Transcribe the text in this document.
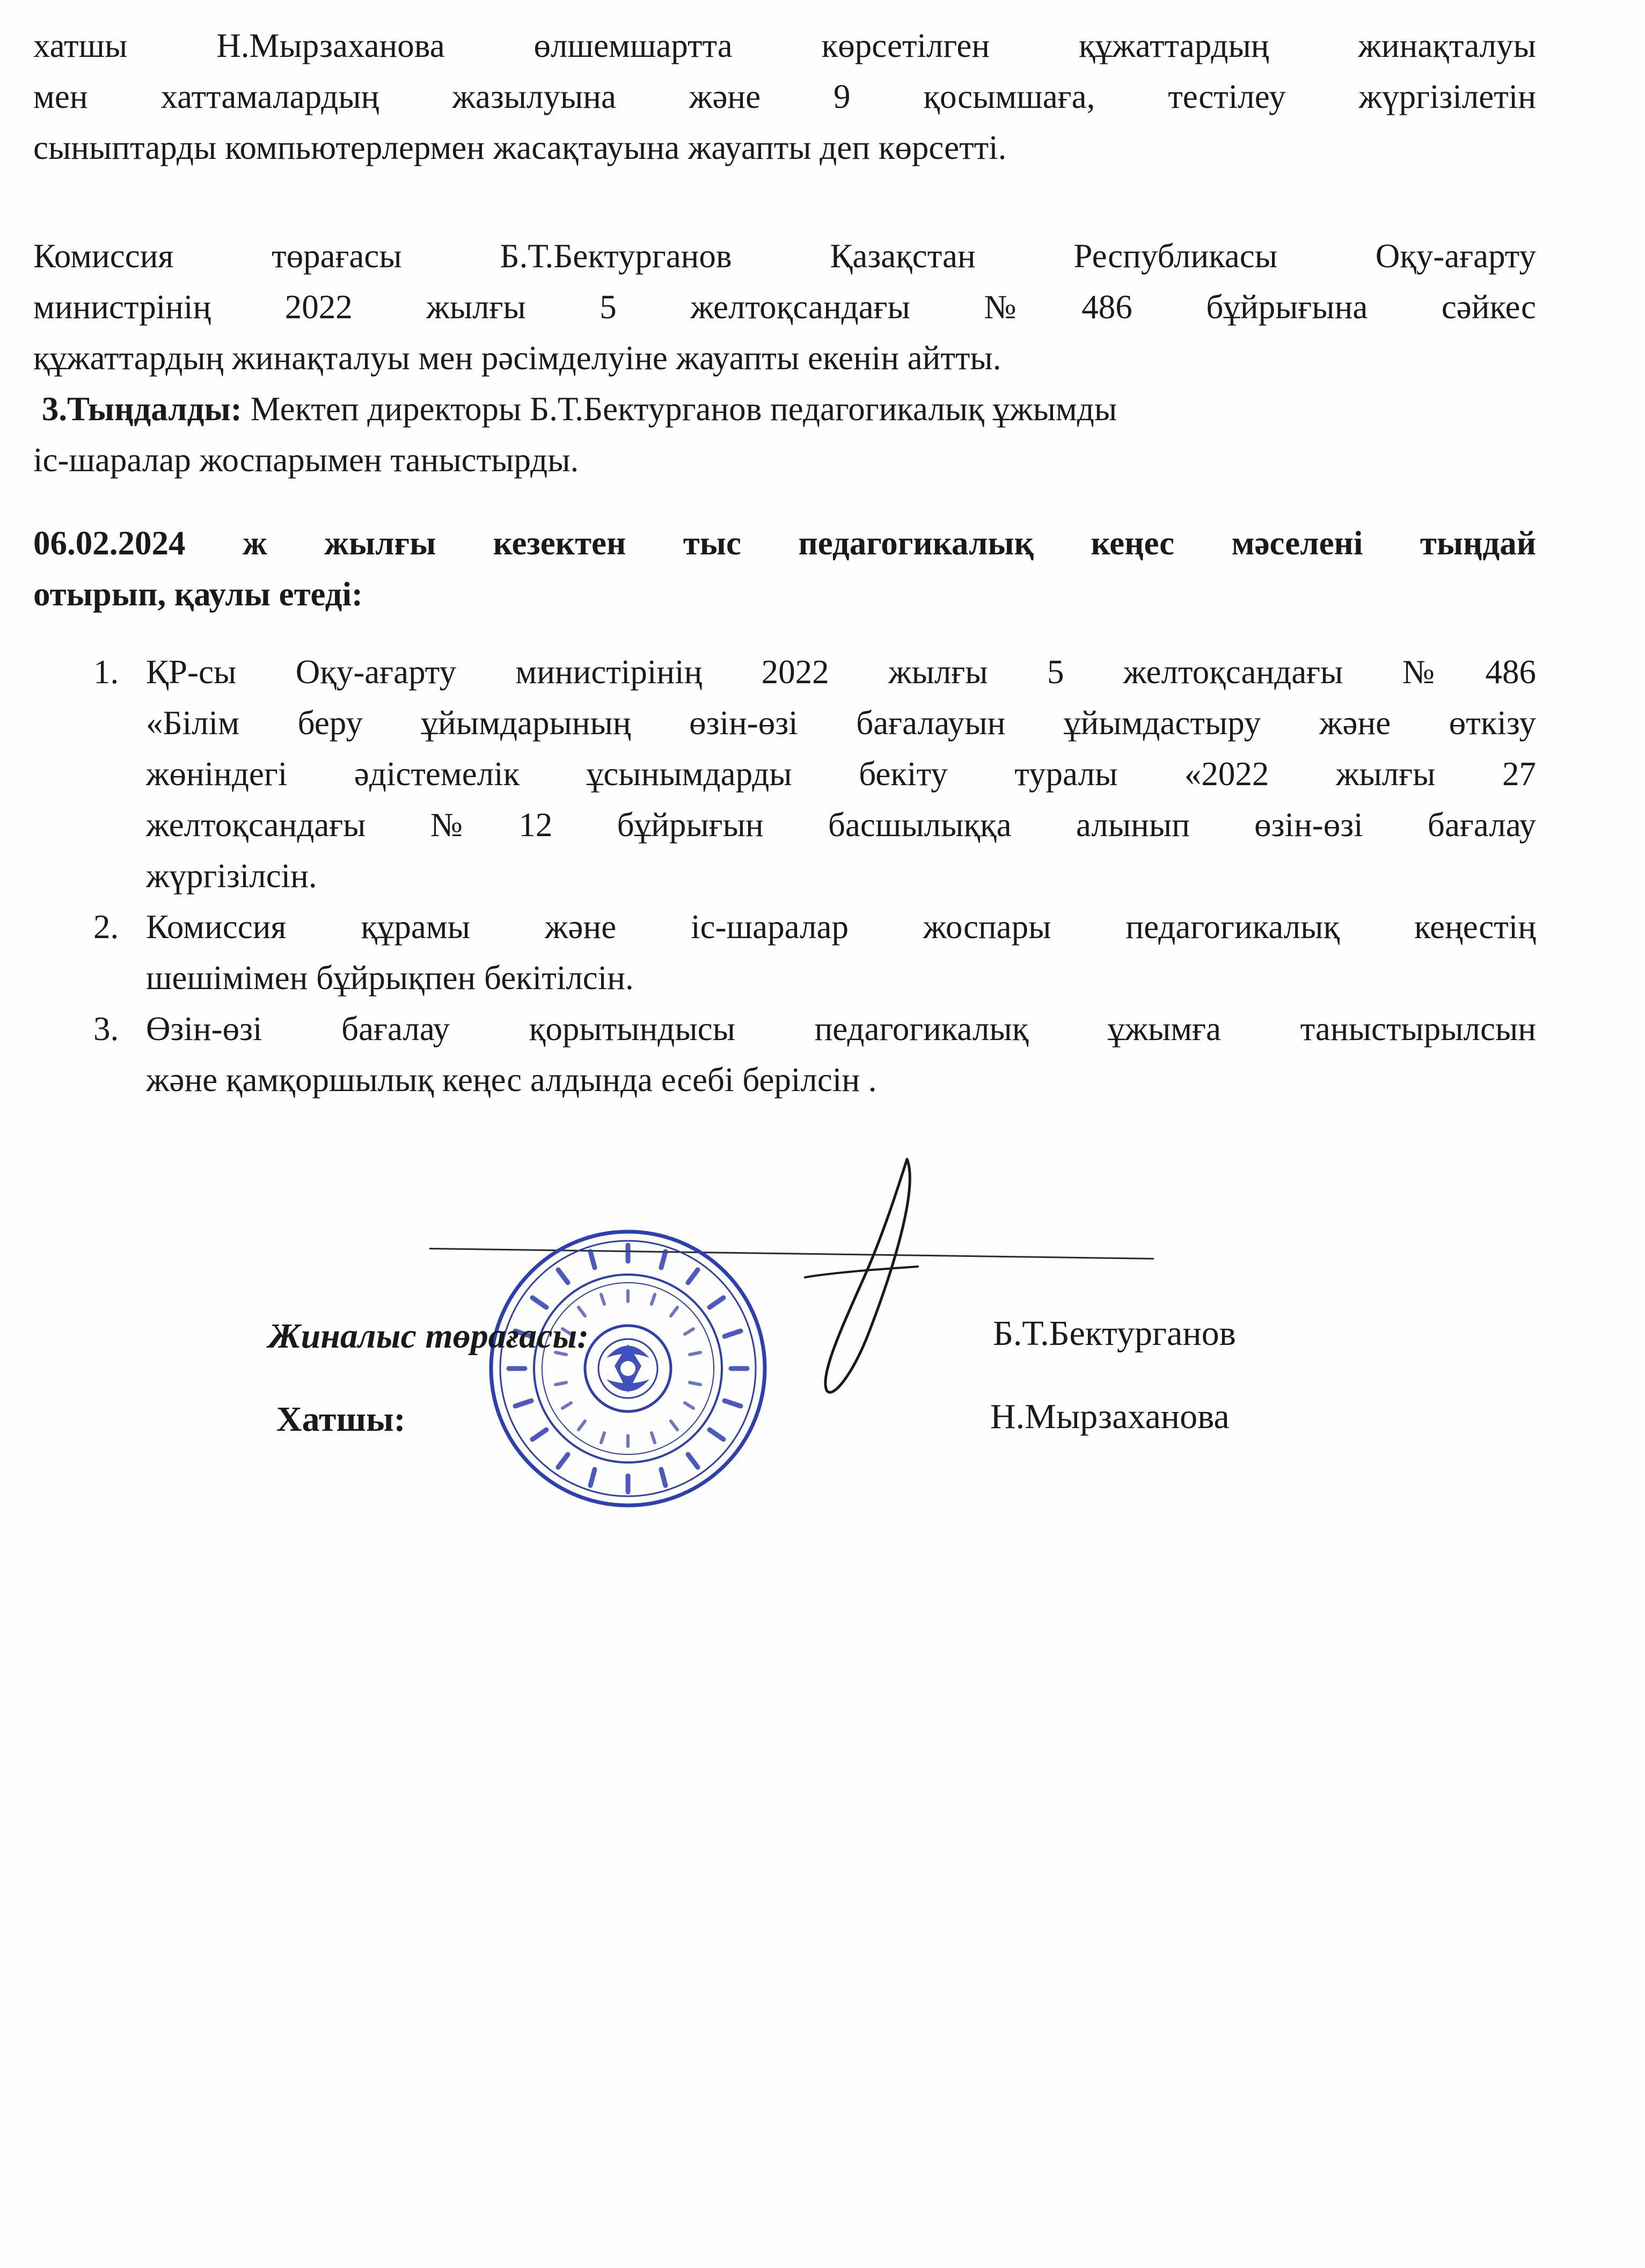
хатшы Н.Мырзаханова өлшемшартта көрсетілген құжаттардың жинақталуы
мен хаттамалардың жазылуына және 9 қосымшаға, тестілеу жүргізілетін
сыныптарды компьютерлермен жасақтауына жауапты деп көрсетті.
Комиссия төрағасы Б.Т.Бектурганов Қазақстан Республикасы Оқу-ағарту
министрінің 2022 жылғы 5 желтоқсандағы №486 бұйрығына сәйкес
құжаттардың жинақталуы мен рәсімделуіне жауапты екенін айтты.
3.Тыңдалды: Мектеп директоры Б.Т.Бектурганов педагогикалық ұжымды
іс-шаралар жоспарымен таныстырды.
06.02.2024 ж жылғы кезектен тыс педагогикалық кеңес мәселені тыңдай
отырып, қаулы етеді:
1. ҚР-сы Оқу-ағарту министірінің 2022 жылғы 5 желтоқсандағы №486
«Білім беру ұйымдарының өзін-өзі бағалауын ұйымдастыру және өткізу
жөніндегі әдістемелік ұсынымдарды бекіту туралы «2022 жылғы 27
желтоқсандағы №12 бұйрығын басшылыққа алынып өзін-өзі бағалау
жүргізілсін.
2. Комиссия құрамы және іс-шаралар жоспары педагогикалық кеңестің
шешімімен бұйрықпен бекітілсін.
3. Өзін-өзі бағалау қорытындысы педагогикалық ұжымға таныстырылсын
және қамқоршылық кеңес алдында есебі берілсін .
Жиналыс төрағасы:
Хатшы:
Б.Т.Бектурганов
Н.Мырзаханова
